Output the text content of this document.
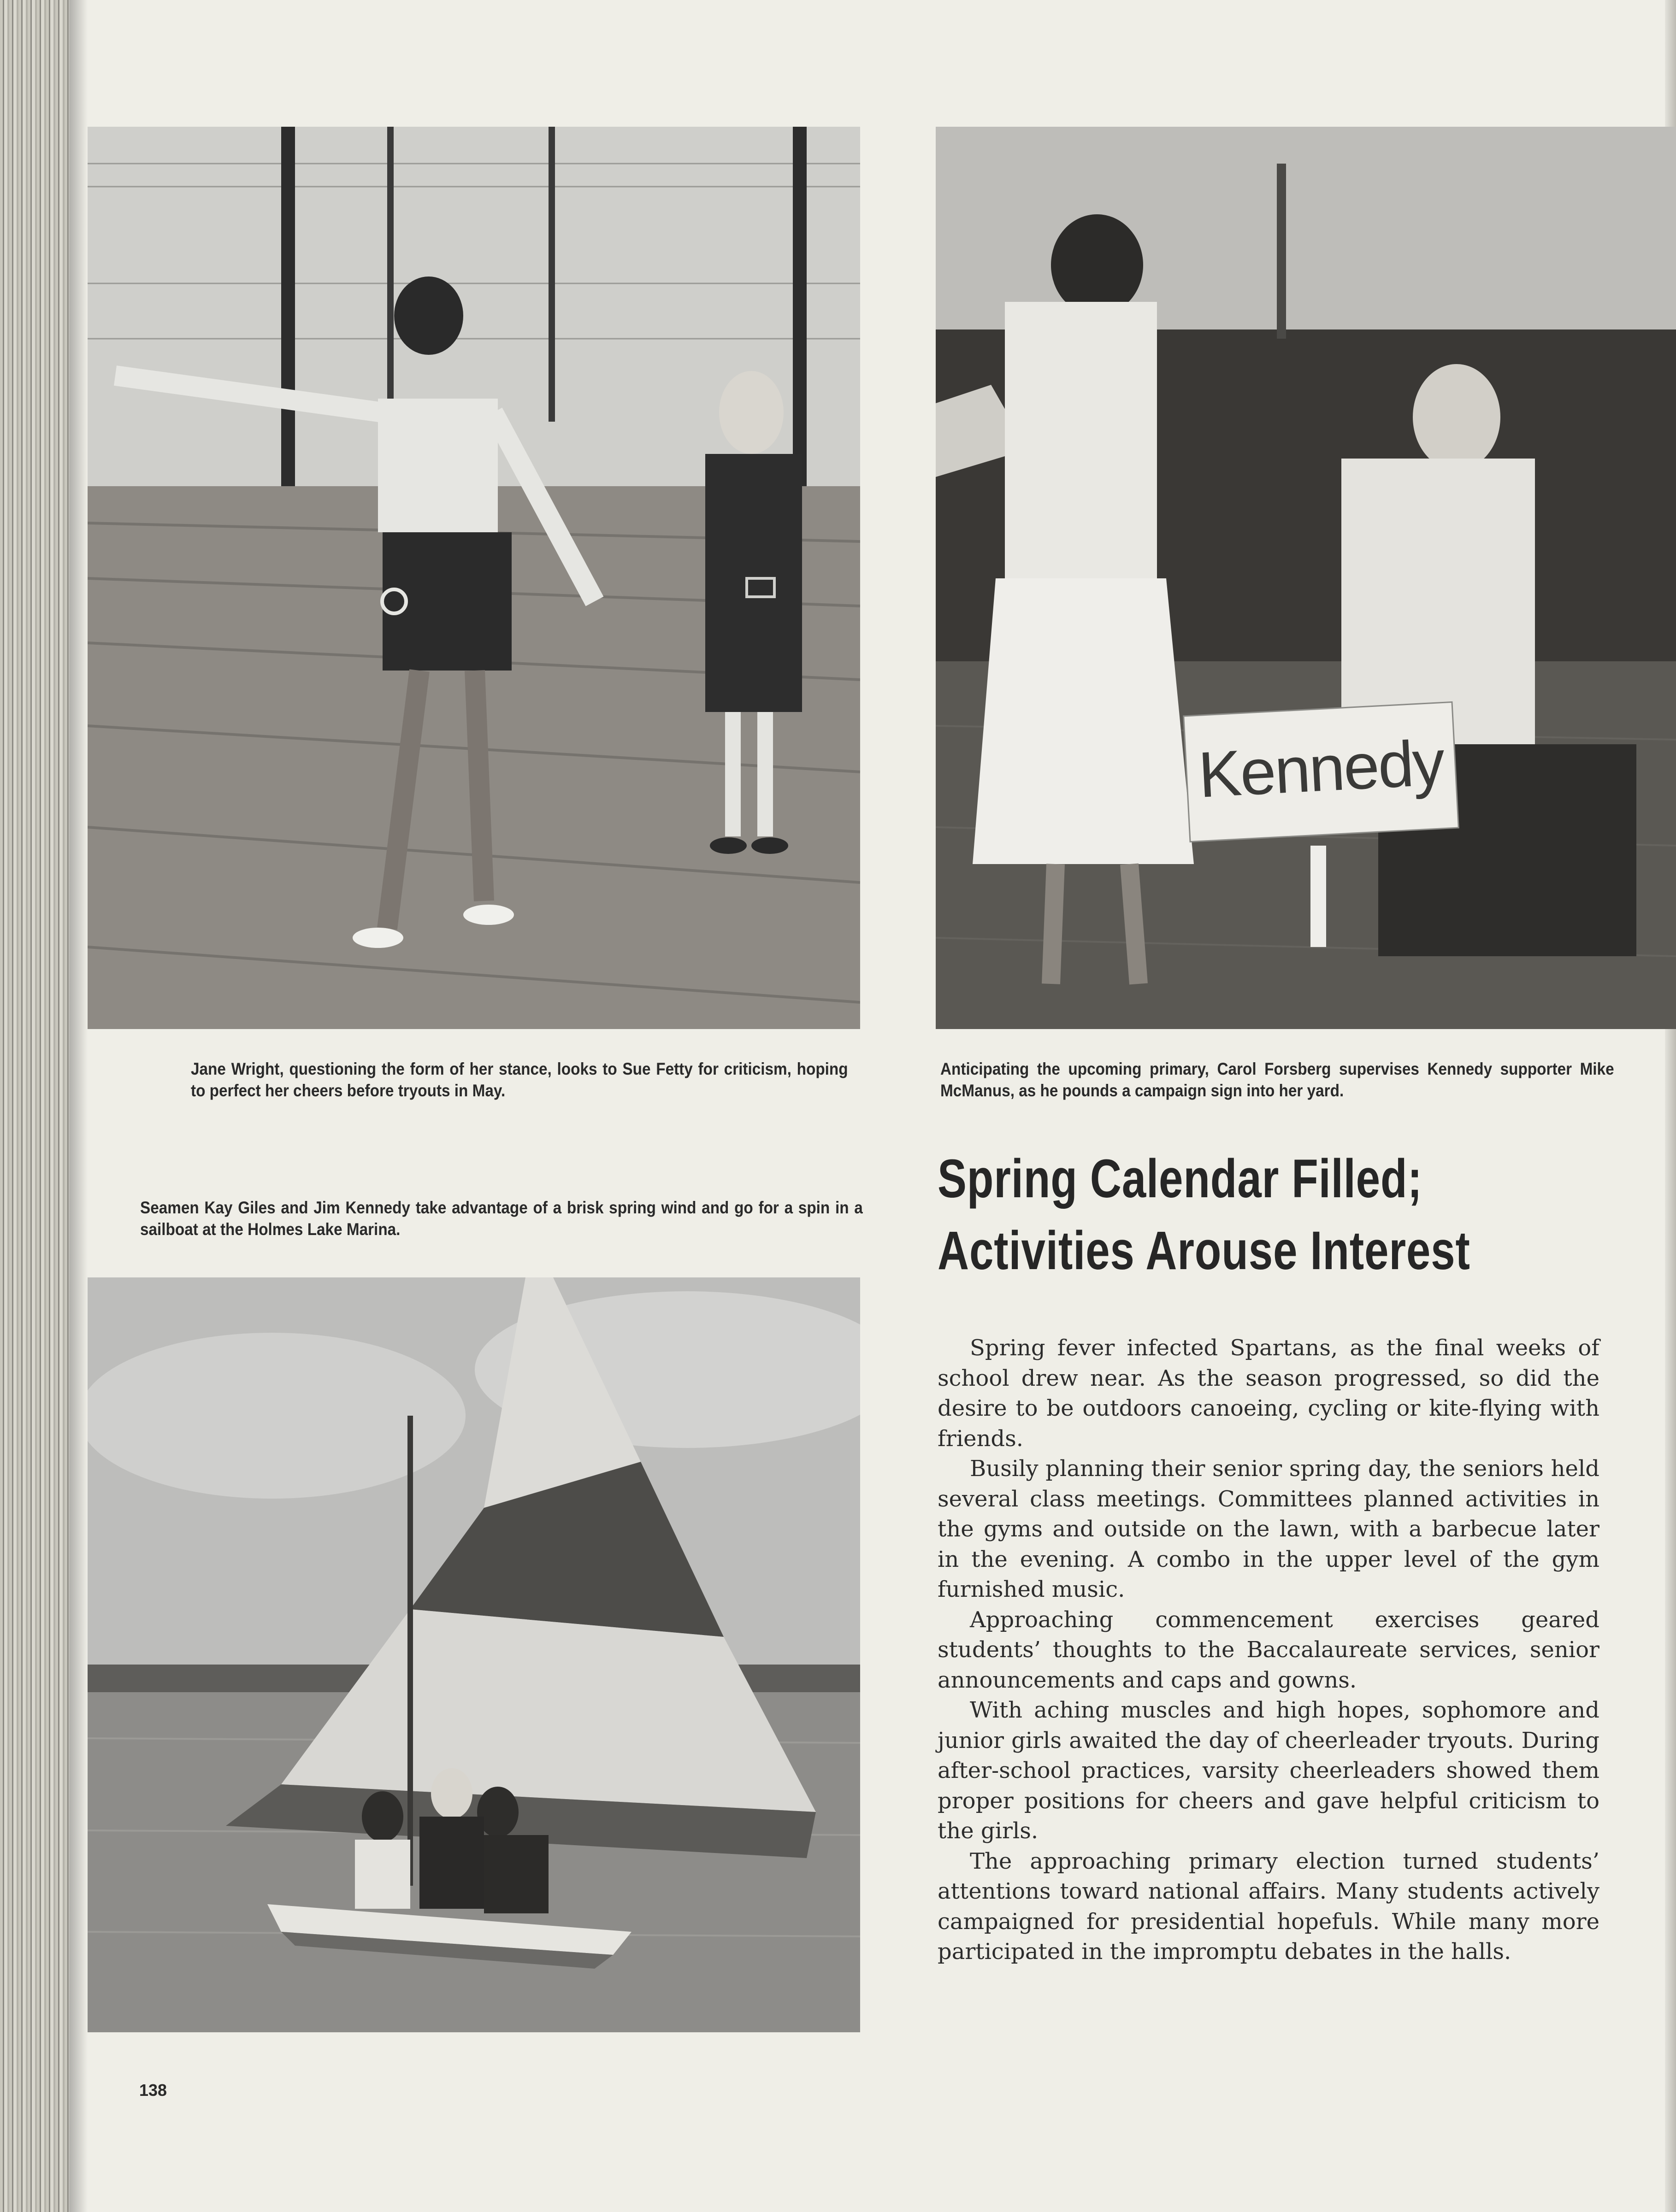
Kennedy

Jane Wright, questioning the form of her stance, looks to Sue Fetty for criticism, hoping to perfect her cheers before tryouts in May.

Anticipating the upcoming primary, Carol Forsberg supervises Kennedy supporter Mike McManus, as he pounds a campaign sign into her yard.

Seamen Kay Giles and Jim Kennedy take advantage of a brisk spring wind and go for a spin in a sailboat at the Holmes Lake Marina.

Spring Calendar Filled;
Activities Arouse Interest

Spring fever infected Spartans, as the final weeks of school drew near. As the season progressed, so did the desire to be outdoors canoeing, cycling or kite-flying with friends.

Busily planning their senior spring day, the seniors held several class meetings. Committees planned activities in the gyms and outside on the lawn, with a barbecue later in the evening. A combo in the upper level of the gym furnished music.

Approaching commencement exercises geared students’ thoughts to the Baccalaureate services, senior announcements and caps and gowns.

With aching muscles and high hopes, sophomore and junior girls awaited the day of cheerleader tryouts. During after-school practices, varsity cheerleaders showed them proper positions for cheers and gave helpful criticism to the girls.

The approaching primary election turned students’ attentions toward national affairs. Many students actively campaigned for presidential hopefuls. While many more participated in the impromptu debates in the halls.

138
